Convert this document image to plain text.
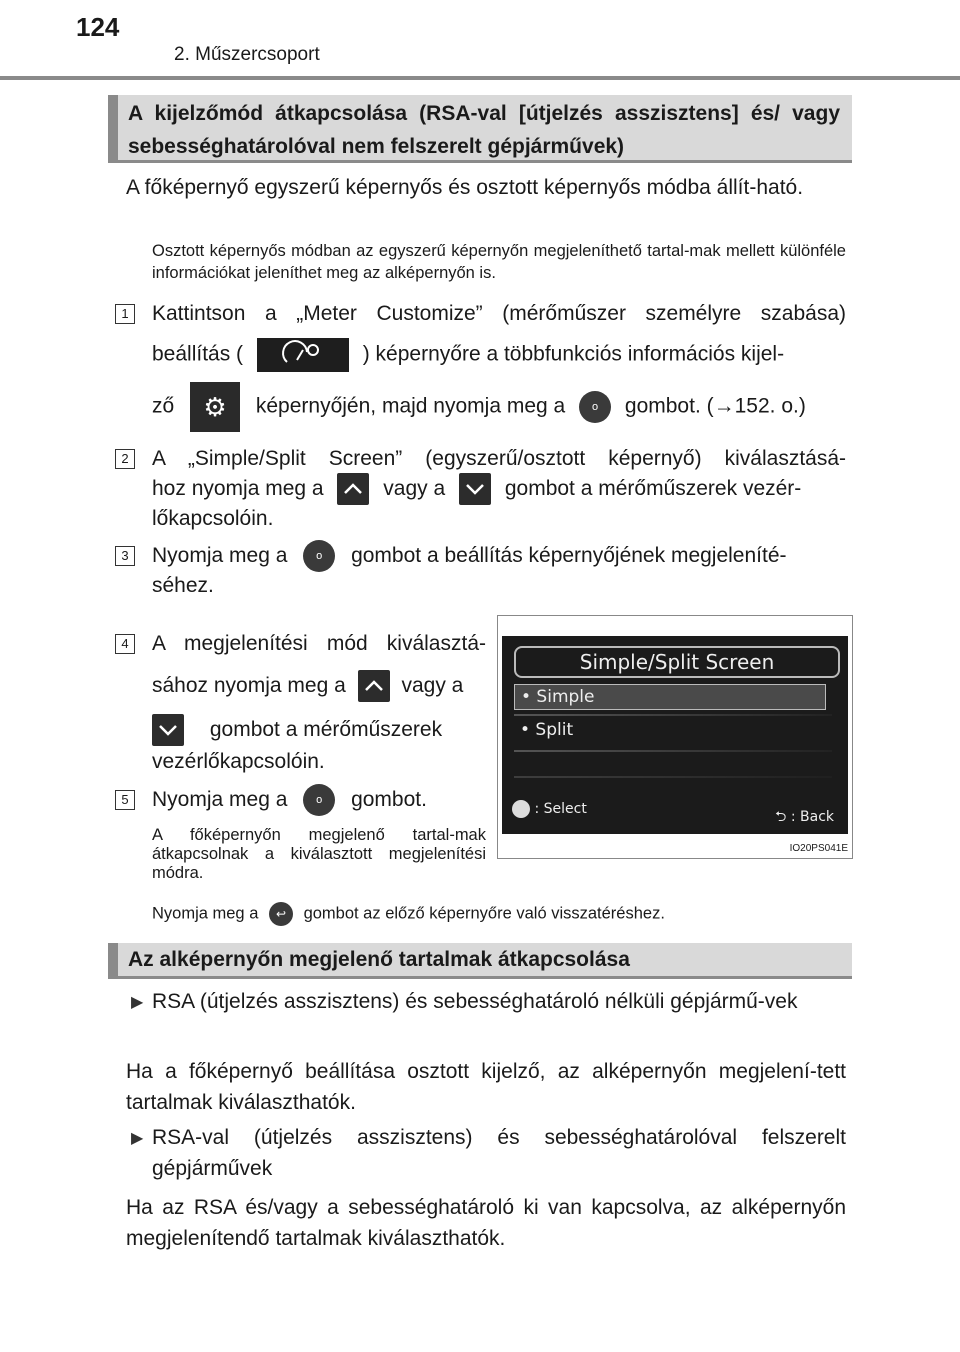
124
2. Műszercsoport
A kijelzőmód átkapcsolása (RSA-val [útjelzés asszisztens] és/ vagy sebességhatárolóval nem felszerelt gépjárművek)
A főképernyő egyszerű képernyős és osztott képernyős módba állít-ható.
Osztott képernyős módban az egyszerű képernyőn megjeleníthető tartal-mak mellett különféle információkat jeleníthet meg az alképernyőn is.
1	Kattintson a „Meter Customize” (mérőműszer személyre szabása)
beállítás (	) képernyőre a többfunkciós információs kijel-
ző ⚙ képernyőjén, majd nyomja meg a o gombot. (→152. o.)
2	A „Simple/Split Screen” (egyszerű/osztott képernyő) kiválasztásá-
hoz nyomja meg a	vagy a	gombot a mérőműszerek vezér-
lőkapcsolóin.
3	Nyomja meg a	o gombot a beállítás képernyőjének megjeleníté-
séhez.
4	A megjelenítési mód kiválasztá-
sához nyomja meg a	vagy a
gombot a mérőműszerek
vezérlőkapcsolóin.
5	Nyomja meg a	o gombot.
A főképernyőn megjelenő tartal-mak átkapcsolnak a kiválasztott megjelenítési módra.
Nyomja meg a ↩ gombot az előző képernyőre való visszatéréshez.
Simple/Split Screen
• Simple
• Split
: Select	⮌ : Back
IO20PS041E
Az alképernyőn megjelenő tartalmak átkapcsolása
▶ RSA (útjelzés asszisztens) és sebességhatároló nélküli gépjármű-vek
Ha a főképernyő beállítása osztott kijelző, az alképernyőn megjelení-tett tartalmak kiválaszthatók.
▶ RSA-val (útjelzés asszisztens) és sebességhatárolóval felszerelt gépjárművek
Ha az RSA és/vagy a sebességhatároló ki van kapcsolva, az alképernyőn megjelenítendő tartalmak kiválaszthatók.
